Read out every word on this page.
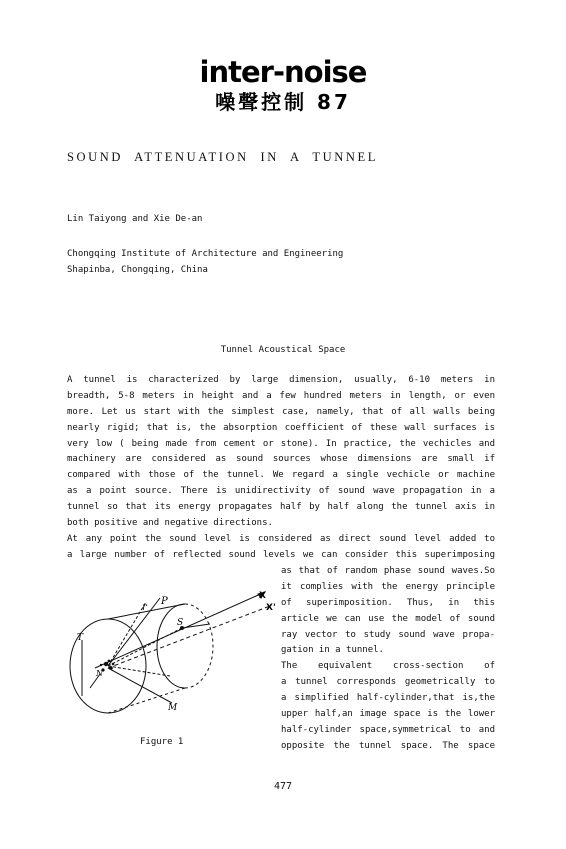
inter-noise
噪聲控制 87
SOUND ATTENUATION IN A TUNNEL
Lin Taiyong and Xie De-an
Chongqing Institute of Architecture and Engineering
Shapinba, Chongqing, China
Tunnel Acoustical Space
A tunnel is characterized by large dimension, usually, 6-10 meters in
breadth, 5-8 meters in height and a few hundred meters in length, or even
more. Let us start with the simplest case, namely, that of all walls being
nearly rigid; that is, the absorption coefficient of these wall surfaces is
very low ( being made from cement or stone). In practice, the vechicles and
machinery are considered as sound sources whose dimensions are small if
compared with those of the tunnel. We regard a single vechicle or machine
as a point source. There is unidirectivity of sound wave propagation in a
tunnel so that its energy propagates half by half along the tunnel axis in
both positive and negative directions.
At any point the sound level is considered as direct sound level added to
a large number of reflected sound levels we can consider this superimposing
as that of random phase sound waves.So
it complies with the energy principle
of superimposition. Thus, in this
article we can use the model of sound
ray vector to study sound wave propa-
gation in a tunnel.
The equivalent cross-section of
a tunnel corresponds geometrically to
a simplified half-cylinder,that is,the
upper half,an image space is the lower
half-cylinder space,symmetrical to and
opposite the tunnel space. The space
r
P	X
X'
S
T
N
M
Figure 1
477
